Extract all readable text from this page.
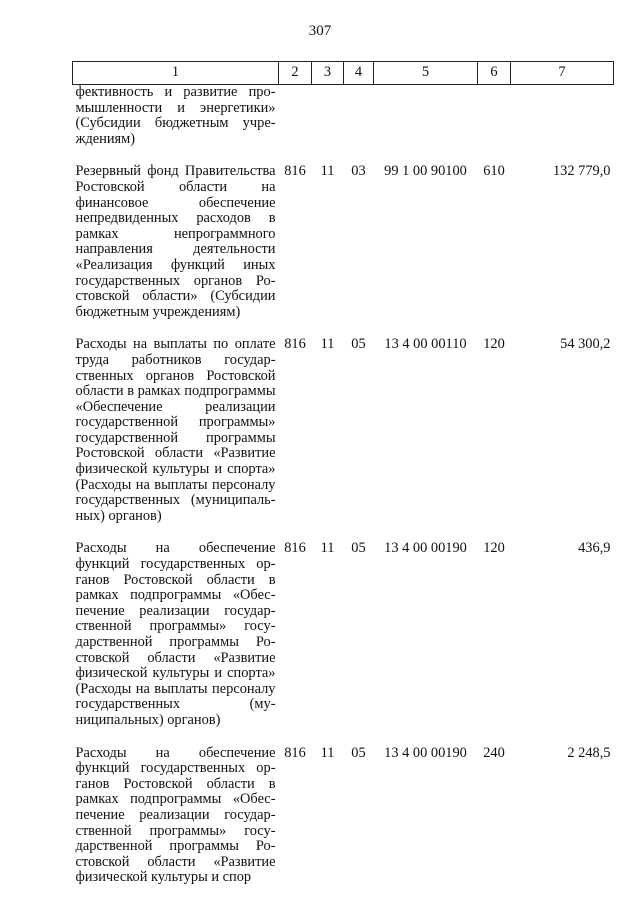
307
1	2	3	4	5	6	7
фективность и развитие промышленности и энергетики» (Субсидии бюджетным учреждениям)						

Резервный фонд Правительства Ростовской области на финансовое обеспечение непредвиденных расходов в рамках непрограммного направления деятельности «Реализация функций иных государственных органов Ростовской области» (Субсидии бюджетным учреждениям)	816	11	03	99 1 00 90100	610	132 779,0

Расходы на выплаты по оплате труда работников государственных органов Ростовской области в рамках подпрограммы «Обеспечение реализации государственной программы» государственной программы Ростовской области «Развитие физической культуры и спорта» (Расходы на выплаты персоналу государственных (муниципальных) органов)	816	11	05	13 4 00 00110	120	54 300,2

Расходы на обеспечение функций государственных органов Ростовской области в рамках подпрограммы «Обеспечение реализации государственной программы» государственной программы Ростовской области «Развитие физической культуры и спорта» (Расходы на выплаты персоналу государственных (муниципальных) органов)	816	11	05	13 4 00 00190	120	436,9

Расходы на обеспечение функций государственных органов Ростовской области в рамках подпрограммы «Обеспечение реализации государственной программы» государственной программы Ростовской области «Развитие физической культуры и спор	816	11	05	13 4 00 00190	240	2 248,5
